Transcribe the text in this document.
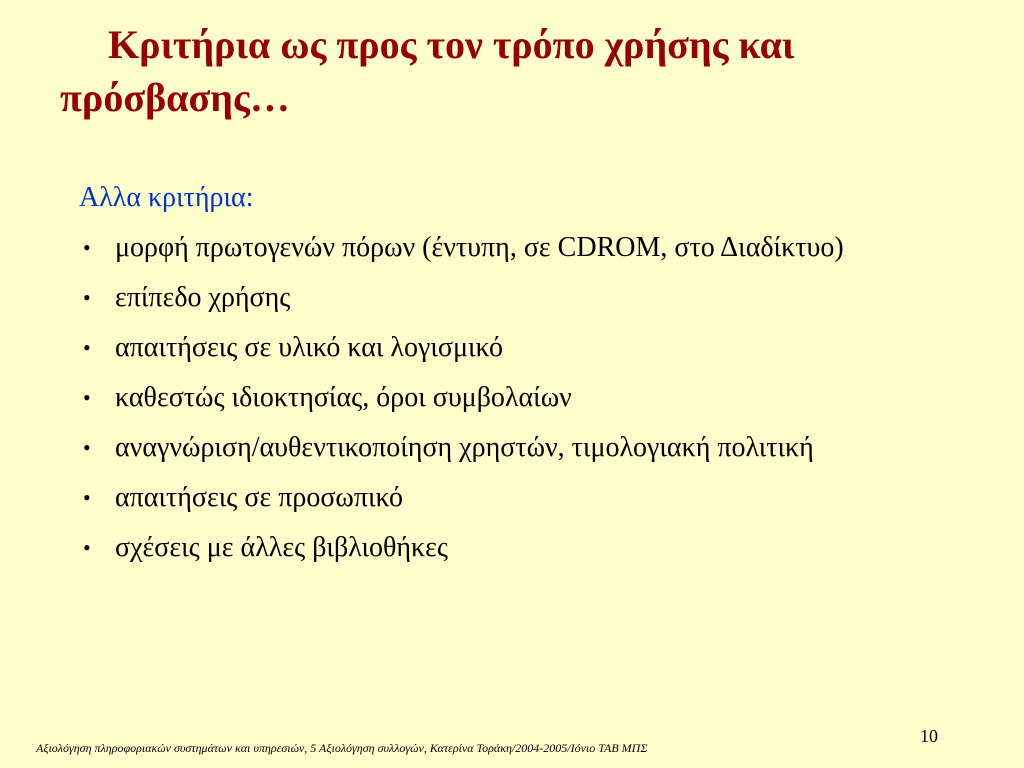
Κριτήρια ως προς τον τρόπο χρήσης και
πρόσβασης…

Αλλα κριτήρια:

• μορφή πρωτογενών πόρων (έντυπη, σε CDROM, στο Διαδίκτυο)
• επίπεδο χρήσης
• απαιτήσεις σε υλικό και λογισμικό
• καθεστώς ιδιοκτησίας, όροι συμβολαίων
• αναγνώριση/αυθεντικοποίηση χρηστών, τιμολογιακή πολιτική
• απαιτήσεις σε προσωπικό
• σχέσεις με άλλες βιβλιοθήκες
10
Αξιολόγηση πληροφοριακών συστημάτων και υπηρεσιών, 5 Αξιολόγηση συλλογών, Κατερίνα Τοράκη/2004-2005/Ιόνιο ΤΑΒ ΜΠΣ
